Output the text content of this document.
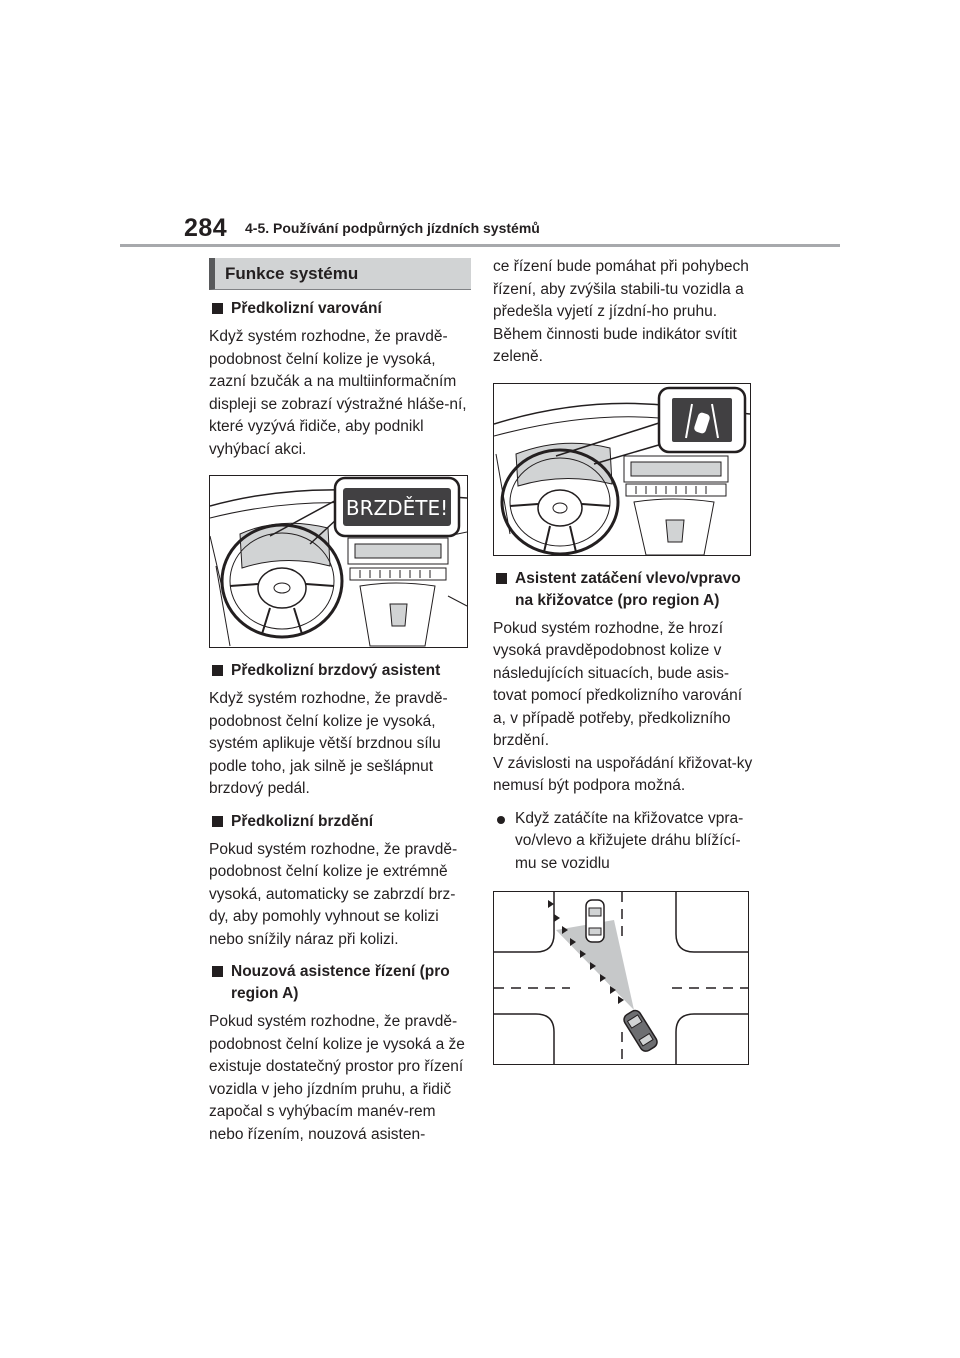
284 4-5. Používání podpůrných jízdních systémů
Funkce systému
Předkolizní varování

Když systém rozhodne, že pravdě-podobnost čelní kolize je vysoká, zazní bzučák a na multiinformačním displeji se zobrazí výstražné hláše-ní, které vyzývá řidiče, aby podnikl vyhýbací akci.

BRZDĚTE!
Předkolizní brzdový asistent

Když systém rozhodne, že pravdě-podobnost čelní kolize je vysoká, systém aplikuje větší brzdnou sílu podle toho, jak silně je sešlápnut brzdový pedál.

Předkolizní brzdění

Pokud systém rozhodne, že pravdě-podobnost čelní kolize je extrémně vysoká, automaticky se zabrzdí brz-dy, aby pomohly vyhnout se kolizi nebo snížily náraz při kolizi.

Nouzová asistence řízení (pro region A)

Pokud systém rozhodne, že pravdě-podobnost čelní kolize je vysoká a že existuje dostatečný prostor pro řízení vozidla v jeho jízdním pruhu, a řidič započal s vyhýbacím manév-rem nebo řízením, nouzová asisten-

ce řízení bude pomáhat při pohybech řízení, aby zvýšila stabili-tu vozidla a předešla vyjetí z jízdní-ho pruhu. Během činnosti bude indikátor svítit zeleně.

Asistent zatáčení vlevo/vpravo na křižovatce (pro region A)

Pokud systém rozhodne, že hrozí vysoká pravděpodobnost kolize v následujících situacích, bude asis-tovat pomocí předkolizního varování a, v případě potřeby, předkolizního brzdění.

V závislosti na uspořádání křižovat-ky nemusí být podpora možná.

Když zatáčíte na křižovatce vpra-vo/vlevo a křižujete dráhu blížící-mu se vozidlu
